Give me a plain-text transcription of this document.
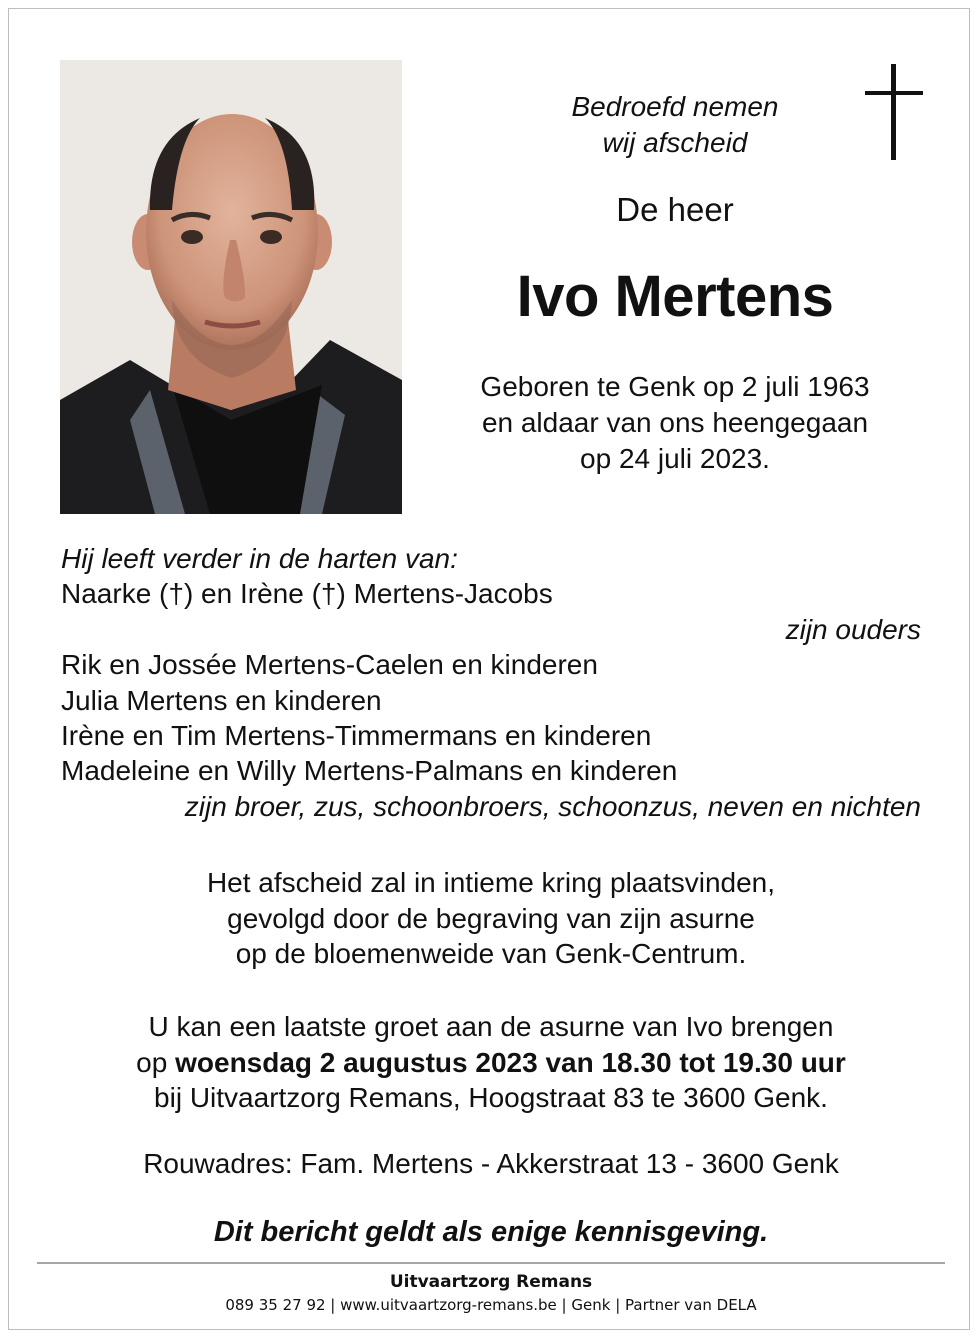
Bedroefd nemen
wij afscheid

De heer

Ivo Mertens

Geboren te Genk op 2 juli 1963
en aldaar van ons heengegaan
op 24 juli 2023.

Hij leeft verder in de harten van:
Naarke (†) en Irène (†) Mertens-Jacobs
zijn ouders
Rik en Jossée Mertens-Caelen en kinderen
Julia Mertens en kinderen
Irène en Tim Mertens-Timmermans en kinderen
Madeleine en Willy Mertens-Palmans en kinderen
zijn broer, zus, schoonbroers, schoonzus, neven en nichten
Het afscheid zal in intieme kring plaatsvinden,
gevolgd door de begraving van zijn asurne
op de bloemenweide van Genk-Centrum.
U kan een laatste groet aan de asurne van Ivo brengen
op woensdag 2 augustus 2023 van 18.30 tot 19.30 uur
bij Uitvaartzorg Remans, Hoogstraat 83 te 3600 Genk.
Rouwadres: Fam. Mertens - Akkerstraat 13 - 3600 Genk
Dit bericht geldt als enige kennisgeving.
Uitvaartzorg Remans
089 35 27 92 | www.uitvaartzorg-remans.be | Genk | Partner van DELA
